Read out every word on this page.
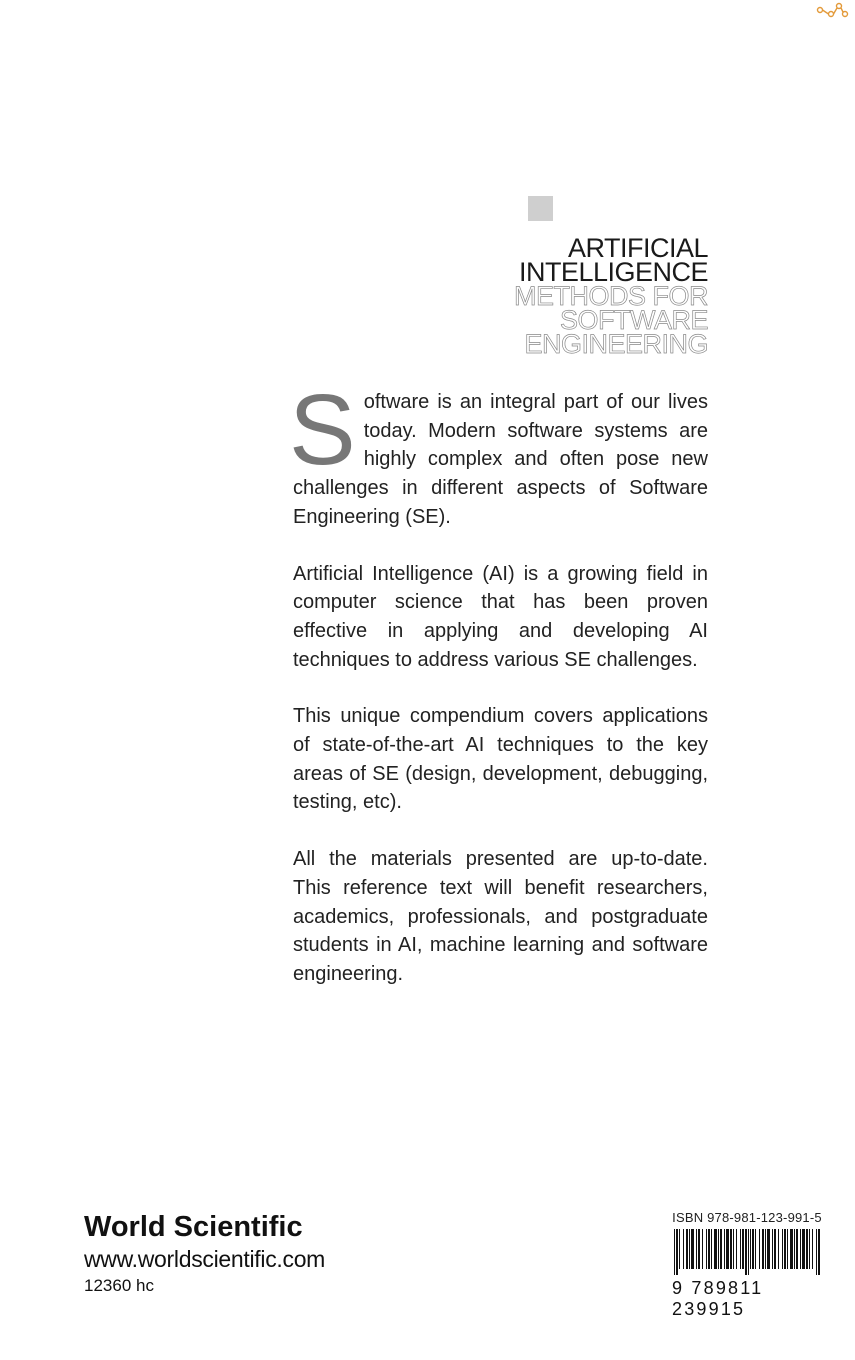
ARTIFICIAL
INTELLIGENCE
METHODS FOR
SOFTWARE
ENGINEERING

Software is an integral part of our lives today. Modern software systems are highly complex and often pose new challenges in different aspects of Software Engineering (SE).

Artificial Intelligence (AI) is a growing field in computer science that has been proven effective in applying and developing AI techniques to address various SE challenges.

This unique compendium covers applications of state-of-the-art AI techniques to the key areas of SE (design, development, debugging, testing, etc).

All the materials presented are up-to-date. This reference text will benefit researchers, academics, professionals, and postgraduate students in AI, machine learning and software engineering.

World Scientific
www.worldscientific.com
12360 hc
ISBN 978-981-123-991-5
9 789811 239915
